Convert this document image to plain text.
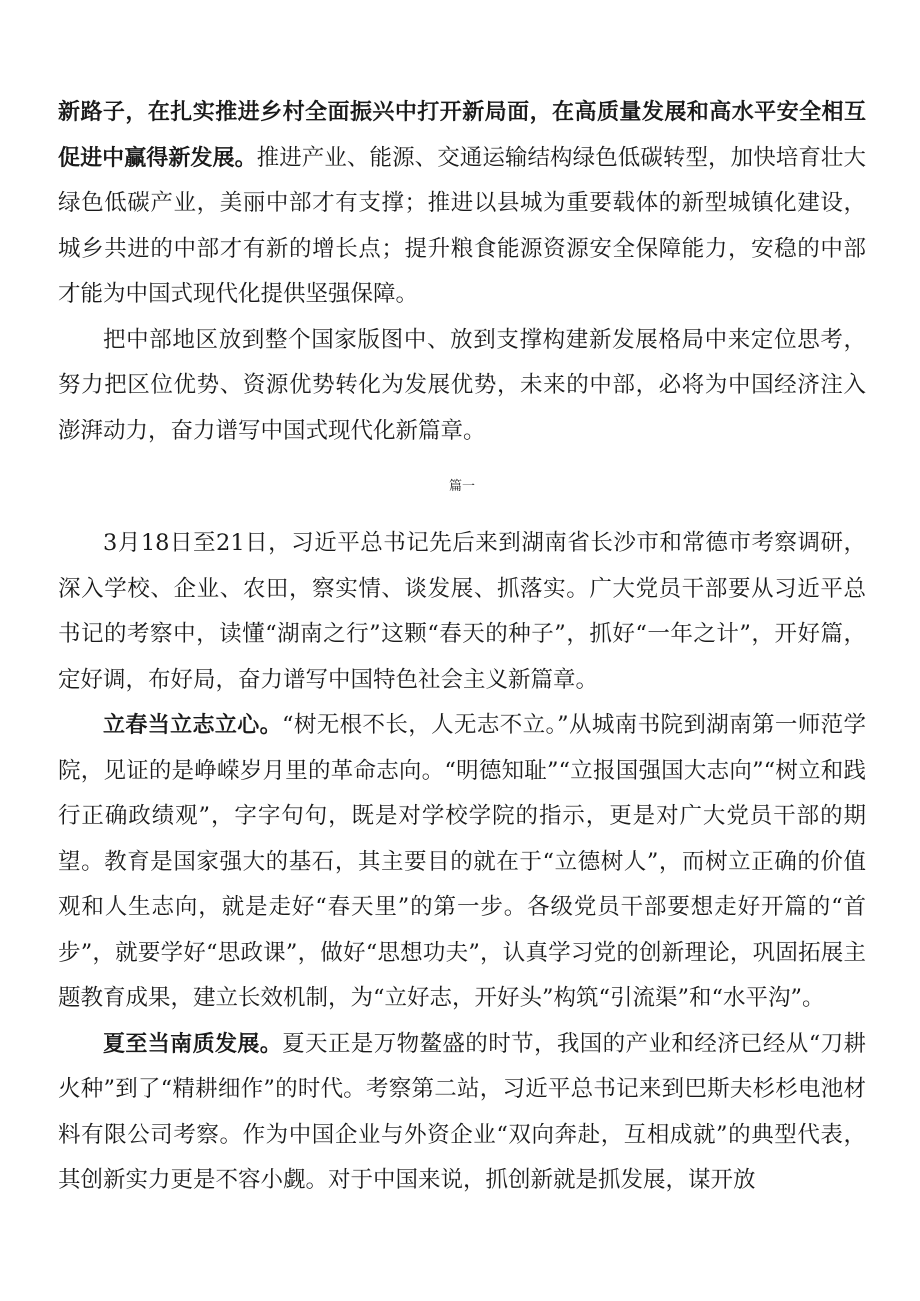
新路子，在扎实推进乡村全面振兴中打开新局面，在高质量发展和高水平安全相互促进中赢得新发展。推进产业、能源、交通运输结构绿色低碳转型，加快培育壮大绿色低碳产业，美丽中部才有支撑；推进以县城为重要载体的新型城镇化建设，城乡共进的中部才有新的增长点；提升粮食能源资源安全保障能力，安稳的中部才能为中国式现代化提供坚强保障。

把中部地区放到整个国家版图中、放到支撑构建新发展格局中来定位思考，努力把区位优势、资源优势转化为发展优势，未来的中部，必将为中国经济注入澎湃动力，奋力谱写中国式现代化新篇章。

篇一

3月18日至21日，习近平总书记先后来到湖南省长沙市和常德市考察调研，深入学校、企业、农田，察实情、谈发展、抓落实。广大党员干部要从习近平总书记的考察中，读懂“湖南之行”这颗“春天的种子”，抓好“一年之计”，开好篇，定好调，布好局，奋力谱写中国特色社会主义新篇章。

立春当立志立心。“树无根不长，人无志不立。”从城南书院到湖南第一师范学院，见证的是峥嵘岁月里的革命志向。“明德知耻”“立报国强国大志向”“树立和践行正确政绩观”，字字句句，既是对学校学院的指示，更是对广大党员干部的期望。教育是国家强大的基石，其主要目的就在于“立德树人”，而树立正确的价值观和人生志向，就是走好“春天里”的第一步。各级党员干部要想走好开篇的“首步”，就要学好“思政课”，做好“思想功夫”，认真学习党的创新理论，巩固拓展主题教育成果，建立长效机制，为“立好志，开好头”构筑“引流渠”和“水平沟”。

夏至当南质发展。夏天正是万物鳌盛的时节，我国的产业和经济已经从“刀耕火种”到了“精耕细作”的时代。考察第二站，习近平总书记来到巴斯夫杉杉电池材料有限公司考察。作为中国企业与外资企业“双向奔赴，互相成就”的典型代表，其创新实力更是不容小觑。对于中国来说，抓创新就是抓发展，谋开放
